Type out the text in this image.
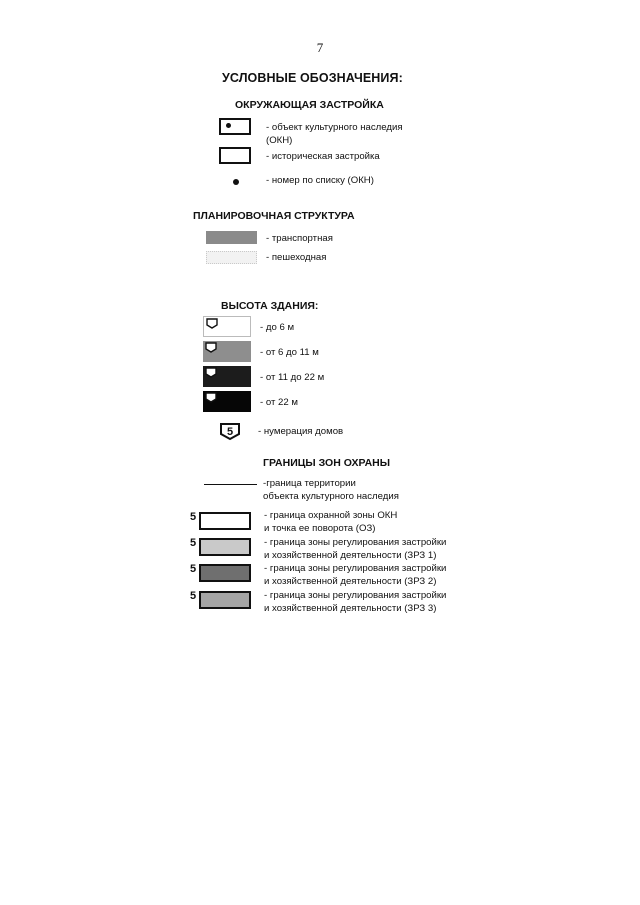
7
УСЛОВНЫЕ ОБОЗНАЧЕНИЯ:
ОКРУЖАЮЩАЯ ЗАСТРОЙКА
- объект культурного наследия
(ОКН)
- историческая застройка
- номер по списку (ОКН)
ПЛАНИРОВОЧНАЯ СТРУКТУРА
- транспортная
- пешеходная
ВЫСОТА ЗДАНИЯ:
- до 6 м
- от 6 до 11 м
- от 11 до 22 м
- от 22 м
5	- нумерация домов
ГРАНИЦЫ ЗОН ОХРАНЫ
-граница территории
объекта культурного наследия
5	- граница охранной зоны ОКН
и точка ее поворота (ОЗ)
5	- граница зоны регулирования застройки
и хозяйственной деятельности (ЗРЗ 1)
5	- граница зоны регулирования застройки
и хозяйственной деятельности (ЗРЗ 2)
5	- граница зоны регулирования застройки
и хозяйственной деятельности (ЗРЗ 3)
